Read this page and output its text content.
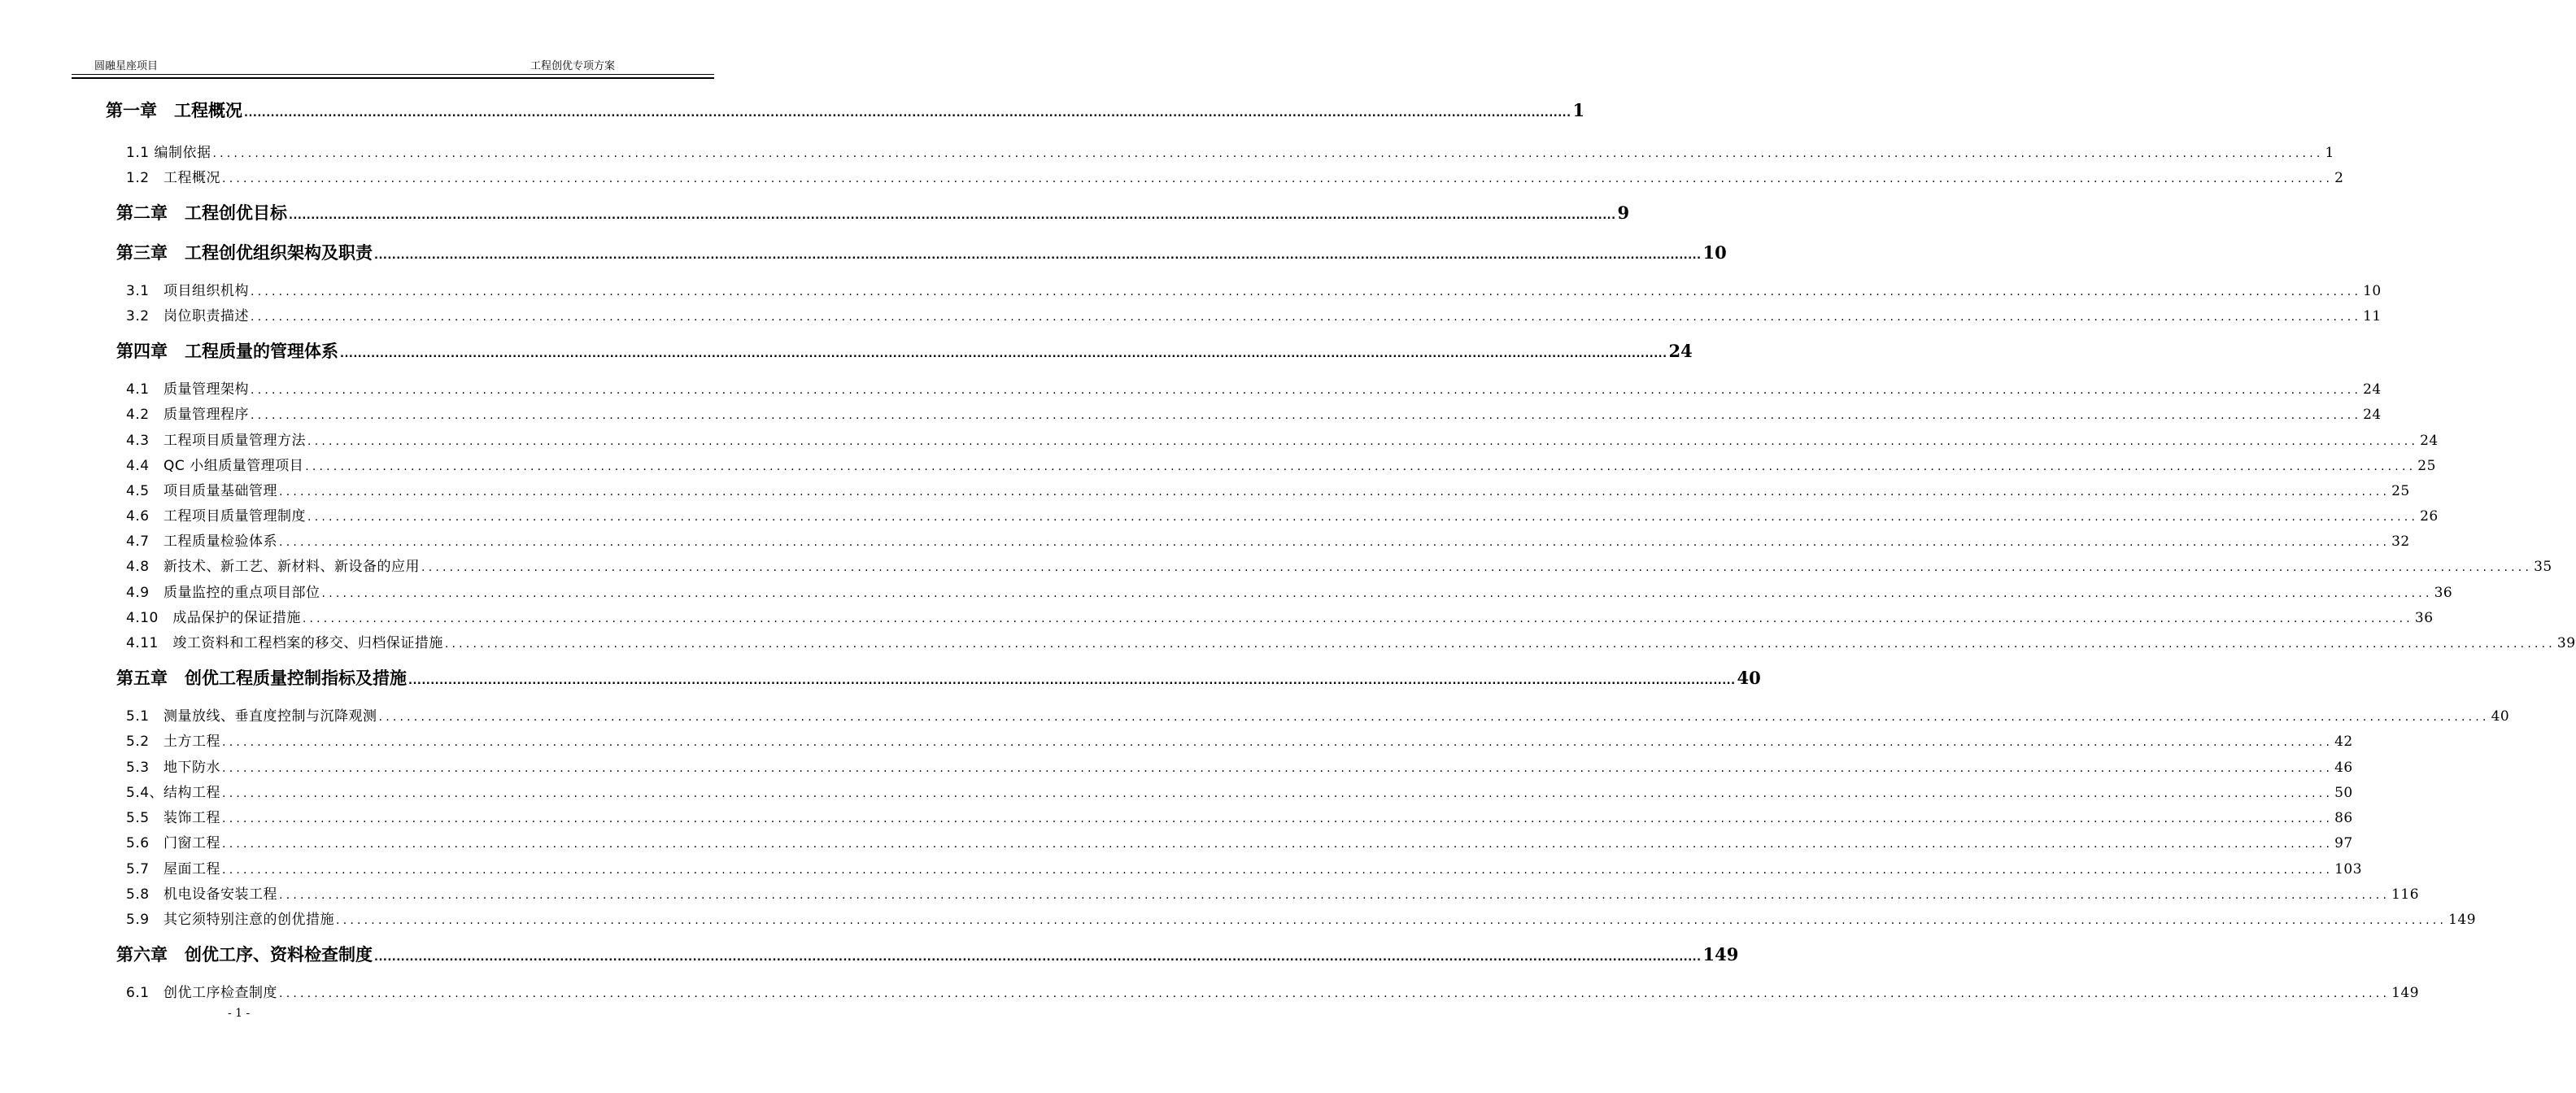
圆融星座项目	工程创优专项方案
第一章　工程概况 ............................................................................................................................................................................................................................................................................................................ 1
1.1 编制依据 ............................................................................................................................................................................................................................................................................................................ 1
1.2　工程概况 ............................................................................................................................................................................................................................................................................................................ 2
第二章　工程创优目标 ............................................................................................................................................................................................................................................................................................................ 9
第三章　工程创优组织架构及职责 ............................................................................................................................................................................................................................................................................................................ 10
3.1　项目组织机构 ............................................................................................................................................................................................................................................................................................................ 10
3.2　岗位职责描述 ............................................................................................................................................................................................................................................................................................................ 11
第四章　工程质量的管理体系 ............................................................................................................................................................................................................................................................................................................ 24
4.1　质量管理架构 ............................................................................................................................................................................................................................................................................................................ 24
4.2　质量管理程序 ............................................................................................................................................................................................................................................................................................................ 24
4.3　工程项目质量管理方法 ............................................................................................................................................................................................................................................................................................................ 24
4.4　QC 小组质量管理项目 ............................................................................................................................................................................................................................................................................................................ 25
4.5　项目质量基础管理 ............................................................................................................................................................................................................................................................................................................ 25
4.6　工程项目质量管理制度 ............................................................................................................................................................................................................................................................................................................ 26
4.7　工程质量检验体系 ............................................................................................................................................................................................................................................................................................................ 32
4.8　新技术、新工艺、新材料、新设备的应用 ............................................................................................................................................................................................................................................................................................................ 35
4.9　质量监控的重点项目部位 ............................................................................................................................................................................................................................................................................................................ 36
4.10　成品保护的保证措施 ............................................................................................................................................................................................................................................................................................................ 36
4.11　竣工资料和工程档案的移交、归档保证措施 ............................................................................................................................................................................................................................................................................................................ 39
第五章　创优工程质量控制指标及措施 ............................................................................................................................................................................................................................................................................................................ 40
5.1　测量放线、垂直度控制与沉降观测 ............................................................................................................................................................................................................................................................................................................ 40
5.2　土方工程 ............................................................................................................................................................................................................................................................................................................ 42
5.3　地下防水 ............................................................................................................................................................................................................................................................................................................ 46
5.4、结构工程 ............................................................................................................................................................................................................................................................................................................ 50
5.5　装饰工程 ............................................................................................................................................................................................................................................................................................................ 86
5.6　门窗工程 ............................................................................................................................................................................................................................................................................................................ 97
5.7　屋面工程 ............................................................................................................................................................................................................................................................................................................ 103
5.8　机电设备安装工程 ............................................................................................................................................................................................................................................................................................................ 116
5.9　其它须特别注意的创优措施 ............................................................................................................................................................................................................................................................................................................ 149
第六章　创优工序、资料检查制度 ............................................................................................................................................................................................................................................................................................................ 149
6.1　创优工序检查制度 ............................................................................................................................................................................................................................................................................................................ 149
- 1 -
